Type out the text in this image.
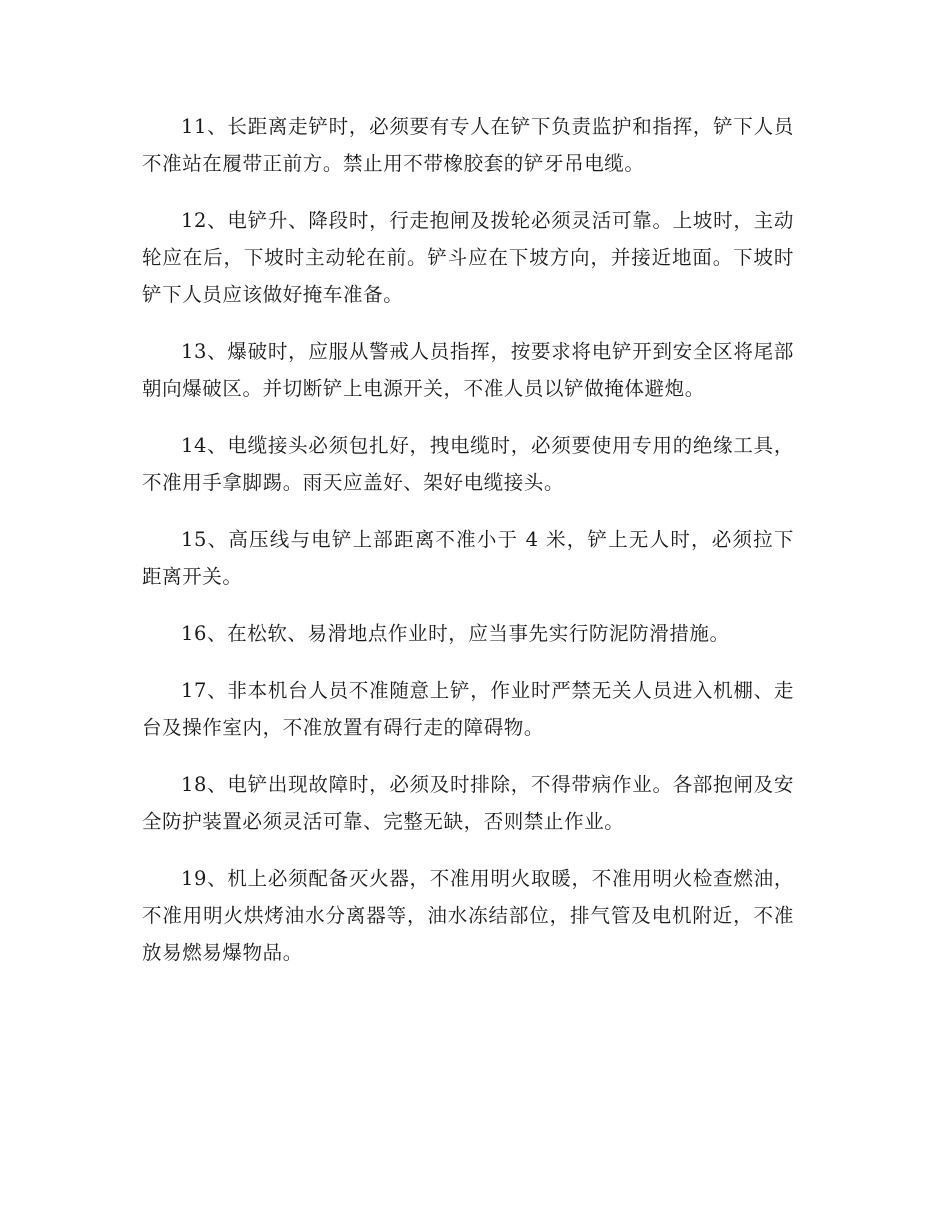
11、长距离走铲时，必须要有专人在铲下负责监护和指挥，铲下人员不准站在履带正前方。禁止用不带橡胶套的铲牙吊电缆。

12、电铲升、降段时，行走抱闸及拨轮必须灵活可靠。上坡时，主动轮应在后，下坡时主动轮在前。铲斗应在下坡方向，并接近地面。下坡时铲下人员应该做好掩车准备。

13、爆破时，应服从警戒人员指挥，按要求将电铲开到安全区将尾部朝向爆破区。并切断铲上电源开关，不准人员以铲做掩体避炮。

14、电缆接头必须包扎好，拽电缆时，必须要使用专用的绝缘工具，不准用手拿脚踢。雨天应盖好、架好电缆接头。

15、高压线与电铲上部距离不准小于 4 米，铲上无人时，必须拉下距离开关。

16、在松软、易滑地点作业时，应当事先实行防泥防滑措施。

17、非本机台人员不准随意上铲，作业时严禁无关人员进入机棚、走台及操作室内，不准放置有碍行走的障碍物。

18、电铲出现故障时，必须及时排除，不得带病作业。各部抱闸及安全防护装置必须灵活可靠、完整无缺，否则禁止作业。

19、机上必须配备灭火器，不准用明火取暖，不准用明火检查燃油，不准用明火烘烤油水分离器等，油水冻结部位，排气管及电机附近，不准放易燃易爆物品。
